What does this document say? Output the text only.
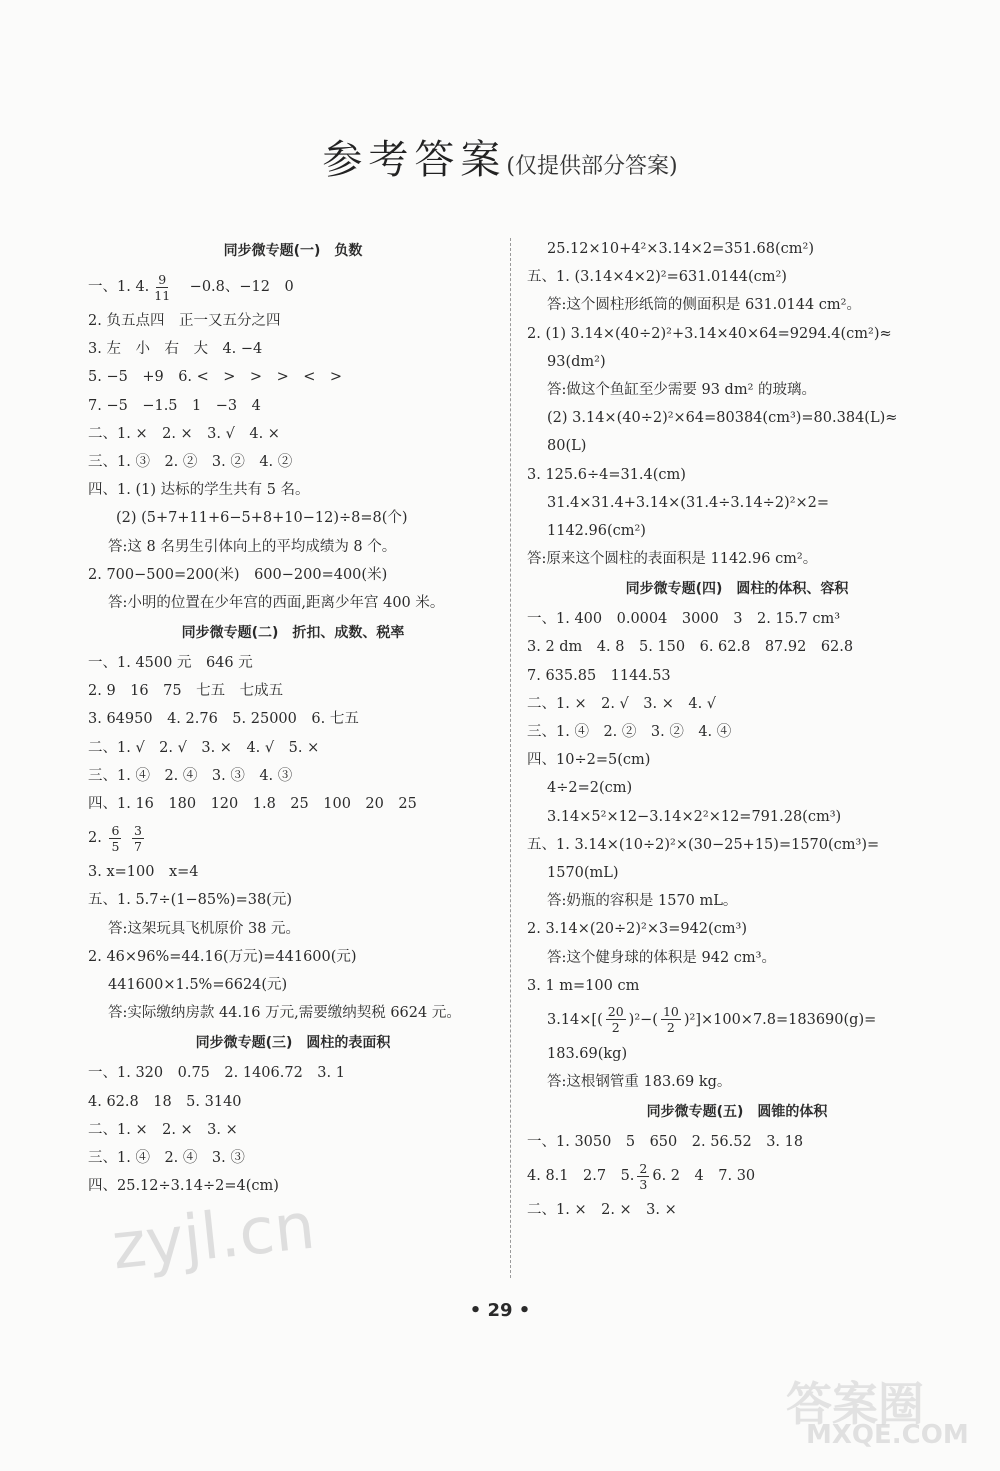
参考答案(仅提供部分答案)
同步微专题(一)　负数
一、1. 4. $\frac{9}{11}$ 　−0.8、−12　0
2. 负五点四　正一又五分之四
3. 左　小　右　大　4. −4
5. −5　+9　6. <　>　>　>　<　>
7. −5　−1.5　1　−3　4
二、1. ×　2. ×　3. √　4. ×
三、1. ③　2. ②　3. ②　4. ②
四、1. (1) 达标的学生共有 5 名。
(2) (5+7+11+6−5+8+10−12)÷8=8(个)
答:这 8 名男生引体向上的平均成绩为 8 个。
2. 700−500=200(米)　600−200=400(米)
答:小明的位置在少年宫的西面,距离少年宫 400 米。
同步微专题(二)　折扣、成数、税率
一、1. 4500 元　646 元
2. 9　16　75　七五　七成五
3. 64950　4. 2.76　5. 25000　6. 七五
二、1. √　2. √　3. ×　4. √　5. ×
三、1. ④　2. ④　3. ③　4. ③
四、1. 16　180　120　1.8　25　100　20　25
2. $\frac{6}{5}$
$\frac{3}{7}$
3. x=100　x=4
五、1. 5.7÷(1−85%)=38(元)
答:这架玩具飞机原价 38 元。
2. 46×96%=44.16(万元)=441600(元)
441600×1.5%=6624(元)
答:实际缴纳房款 44.16 万元,需要缴纳契税 6624 元。
同步微专题(三)　圆柱的表面积
一、1. 320　0.75　2. 1406.72　3. 1
4. 62.8　18　5. 3140
二、1. ×　2. ×　3. ×
三、1. ④　2. ④　3. ③
四、25.12÷3.14÷2=4(cm)
25.12×10+4²×3.14×2=351.68(cm²)
五、1. (3.14×4×2)²=631.0144(cm²)
答:这个圆柱形纸筒的侧面积是 631.0144 cm²。
2. (1) 3.14×(40÷2)²+3.14×40×64=9294.4(cm²)≈
93(dm²)
答:做这个鱼缸至少需要 93 dm² 的玻璃。
(2) 3.14×(40÷2)²×64=80384(cm³)=80.384(L)≈
80(L)
3. 125.6÷4=31.4(cm)
31.4×31.4+3.14×(31.4÷3.14÷2)²×2=
1142.96(cm²)
答:原来这个圆柱的表面积是 1142.96 cm²。
同步微专题(四)　圆柱的体积、容积
一、1. 400　0.0004　3000　3　2. 15.7 cm³
3. 2 dm　4. 8　5. 150　6. 62.8　87.92　62.8
7. 635.85　1144.53
二、1. ×　2. √　3. ×　4. √
三、1. ④　2. ②　3. ②　4. ④
四、10÷2=5(cm)
4÷2=2(cm)
3.14×5²×12−3.14×2²×12=791.28(cm³)
五、1. 3.14×(10÷2)²×(30−25+15)=1570(cm³)=
1570(mL)
答:奶瓶的容积是 1570 mL。
2. 3.14×(20÷2)²×3=942(cm³)
答:这个健身球的体积是 942 cm³。
3. 1 m=100 cm
$3.14\times[( \frac{20}{2} )^2-( \frac{10}{2} )^2]\times 100\times 7.8=183690(g)=$
183.69(kg)
答:这根钢管重 183.69 kg。
同步微专题(五)　圆锥的体积
一、1. 3050　5　650　2. 56.52　3. 18
4. 8.1　2.7　5. $\frac{2}{3} 6$. 2　4　7. 30
二、1. ×　2. ×　3. ×
• 29 •
zyjl.cn
答案圈
MXQE.COM
